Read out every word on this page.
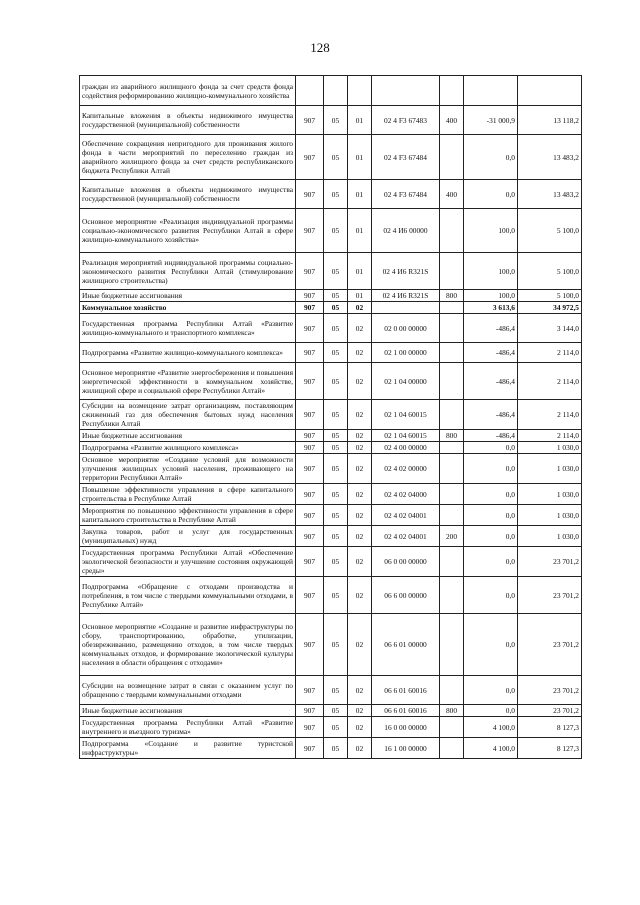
128
граждан из аварийного жилищного фонда за счет средств фонда содействия реформированию жилищно-коммунального хозяйства							
Капитальные вложения в объекты недвижимого имущества государственной (муниципальной) собственности	907	05	01	02 4 F3 67483	400	-31 000,9	13 118,2
Обеспечение сокращения непригодного для проживания жилого фонда в части мероприятий по переселению граждан из аварийного жилищного фонда за счет средств республиканского бюджета Республики Алтай	907	05	01	02 4 F3 67484		0,0	13 483,2
Капитальные вложения в объекты недвижимого имущества государственной (муниципальной) собственности	907	05	01	02 4 F3 67484	400	0,0	13 483,2
Основное мероприятие «Реализация индивидуальной программы социально-экономического развития Республики Алтай в сфере жилищно-коммунального хозяйства»	907	05	01	02 4 И6 00000		100,0	5 100,0
Реализация мероприятий индивидуальной программы социально-экономического развития Республики Алтай (стимулирование жилищного строительства)	907	05	01	02 4 И6 R321S		100,0	5 100,0
Иные бюджетные ассигнования	907	05	01	02 4 И6 R321S	800	100,0	5 100,0
Коммунальное хозяйство	907	05	02			3 613,6	34 972,5
Государственная программа Республики Алтай «Развитие жилищно-коммунального и транспортного комплекса»	907	05	02	02 0 00 00000		-486,4	3 144,0
Подпрограмма «Развитие жилищно-коммунального комплекса»	907	05	02	02 1 00 00000		-486,4	2 114,0
Основное мероприятие «Развитие энергосбережения и повышения энергетической эффективности в коммунальном хозяйстве, жилищной сфере и социальной сфере Республики Алтай»	907	05	02	02 1 04 00000		-486,4	2 114,0
Субсидии на возмещение затрат организациям, поставляющим сжиженный газ для обеспечения бытовых нужд населения Республики Алтай	907	05	02	02 1 04 60015		-486,4	2 114,0
Иные бюджетные ассигнования	907	05	02	02 1 04 60015	800	-486,4	2 114,0
Подпрограмма «Развитие жилищного комплекса»	907	05	02	02 4 00 00000		0,0	1 030,0
Основное мероприятие «Создание условий для возможности улучшения жилищных условий населения, проживающего на территории Республики Алтай»	907	05	02	02 4 02 00000		0,0	1 030,0
Повышение эффективности управления в сфере капитального строительства в Республике Алтай	907	05	02	02 4 02 04000		0,0	1 030,0
Мероприятия по повышению эффективности управления в сфере капитального строительства в Республике Алтай	907	05	02	02 4 02 04001		0,0	1 030,0
Закупка товаров, работ и услуг для государственных (муниципальных) нужд	907	05	02	02 4 02 04001	200	0,0	1 030,0
Государственная программа Республики Алтай «Обеспечение экологической безопасности и улучшение состояния окружающей среды»	907	05	02	06 0 00 00000		0,0	23 701,2
Подпрограмма «Обращение с отходами производства и потребления, в том числе с твердыми коммунальными отходами, в Республике Алтай»	907	05	02	06 6 00 00000		0,0	23 701,2
Основное мероприятие «Создание и развитие инфраструктуры по сбору, транспортированию, обработке, утилизации, обезвреживанию, размещению отходов, в том числе твердых коммунальных отходов, и формирование экологической культуры населения в области обращения с отходами»	907	05	02	06 6 01 00000		0,0	23 701,2
Субсидии на возмещение затрат в связи с оказанием услуг по обращению с твердыми коммунальными отходами	907	05	02	06 6 01 60016		0,0	23 701,2
Иные бюджетные ассигнования	907	05	02	06 6 01 60016	800	0,0	23 701,2
Государственная программа Республики Алтай «Развитие внутреннего и въездного туризма»	907	05	02	16 0 00 00000		4 100,0	8 127,3
Подпрограмма «Создание и развитие туристской инфраструктуры»	907	05	02	16 1 00 00000		4 100,0	8 127,3
